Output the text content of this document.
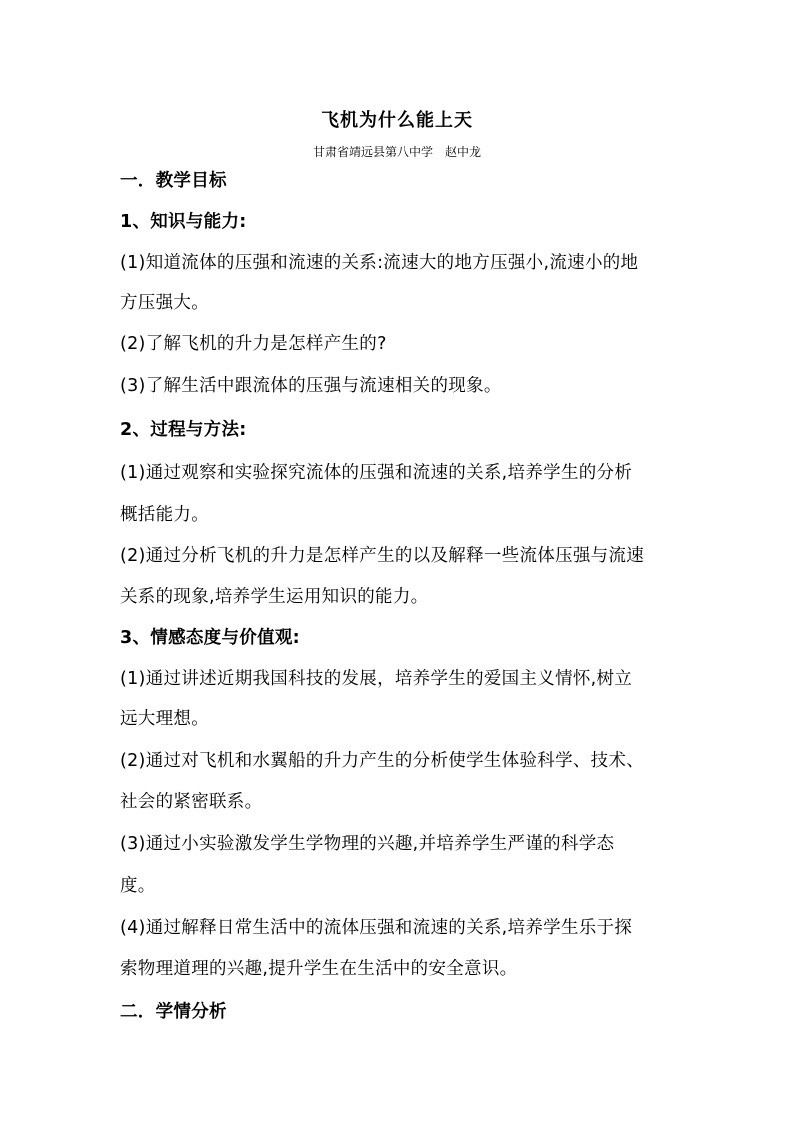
飞机为什么能上天
甘肃省靖远县第八中学　赵中龙
一．教学目标
1、知识与能力:
(1)知道流体的压强和流速的关系:流速大的地方压强小,流速小的地
方压强大。
(2)了解飞机的升力是怎样产生的?
(3)了解生活中跟流体的压强与流速相关的现象。
2、过程与方法:
(1)通过观察和实验探究流体的压强和流速的关系,培养学生的分析
概括能力。
(2)通过分析飞机的升力是怎样产生的以及解释一些流体压强与流速
关系的现象,培养学生运用知识的能力。
3、情感态度与价值观:
(1)通过讲述近期我国科技的发展，培养学生的爱国主义情怀,树立
远大理想。
(2)通过对飞机和水翼船的升力产生的分析使学生体验科学、技术、
社会的紧密联系。
(3)通过小实验激发学生学物理的兴趣,并培养学生严谨的科学态
度。
(4)通过解释日常生活中的流体压强和流速的关系,培养学生乐于探
索物理道理的兴趣,提升学生在生活中的安全意识。
二．学情分析
